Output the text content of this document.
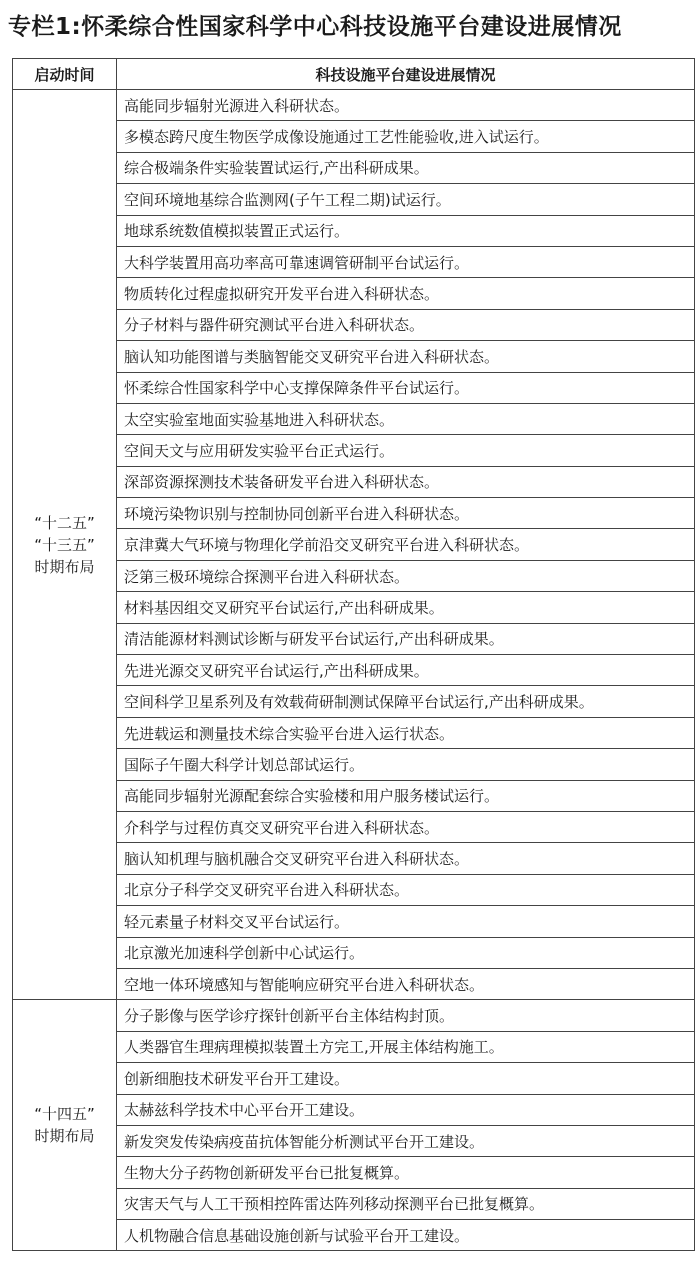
专栏1:怀柔综合性国家科学中心科技设施平台建设进展情况
启动时间	科技设施平台建设进展情况

“十二五”
“十三五”
时期布局	高能同步辐射光源进入科研状态。
	多模态跨尺度生物医学成像设施通过工艺性能验收,进入试运行。
	综合极端条件实验装置试运行,产出科研成果。
	空间环境地基综合监测网(子午工程二期)试运行。
	地球系统数值模拟装置正式运行。
	大科学装置用高功率高可靠速调管研制平台试运行。
	物质转化过程虚拟研究开发平台进入科研状态。
	分子材料与器件研究测试平台进入科研状态。
	脑认知功能图谱与类脑智能交叉研究平台进入科研状态。
	怀柔综合性国家科学中心支撑保障条件平台试运行。
	太空实验室地面实验基地进入科研状态。
	空间天文与应用研发实验平台正式运行。
	深部资源探测技术装备研发平台进入科研状态。
	环境污染物识别与控制协同创新平台进入科研状态。
	京津冀大气环境与物理化学前沿交叉研究平台进入科研状态。
	泛第三极环境综合探测平台进入科研状态。
	材料基因组交叉研究平台试运行,产出科研成果。
	清洁能源材料测试诊断与研发平台试运行,产出科研成果。
	先进光源交叉研究平台试运行,产出科研成果。
	空间科学卫星系列及有效载荷研制测试保障平台试运行,产出科研成果。
	先进载运和测量技术综合实验平台进入运行状态。
	国际子午圈大科学计划总部试运行。
	高能同步辐射光源配套综合实验楼和用户服务楼试运行。
	介科学与过程仿真交叉研究平台进入科研状态。
	脑认知机理与脑机融合交叉研究平台进入科研状态。
	北京分子科学交叉研究平台进入科研状态。
	轻元素量子材料交叉平台试运行。
	北京激光加速科学创新中心试运行。
	空地一体环境感知与智能响应研究平台进入科研状态。

“十四五”
时期布局	分子影像与医学诊疗探针创新平台主体结构封顶。
	人类器官生理病理模拟装置土方完工,开展主体结构施工。
	创新细胞技术研发平台开工建设。
	太赫兹科学技术中心平台开工建设。
	新发突发传染病疫苗抗体智能分析测试平台开工建设。
	生物大分子药物创新研发平台已批复概算。
	灾害天气与人工干预相控阵雷达阵列移动探测平台已批复概算。
	人机物融合信息基础设施创新与试验平台开工建设。
